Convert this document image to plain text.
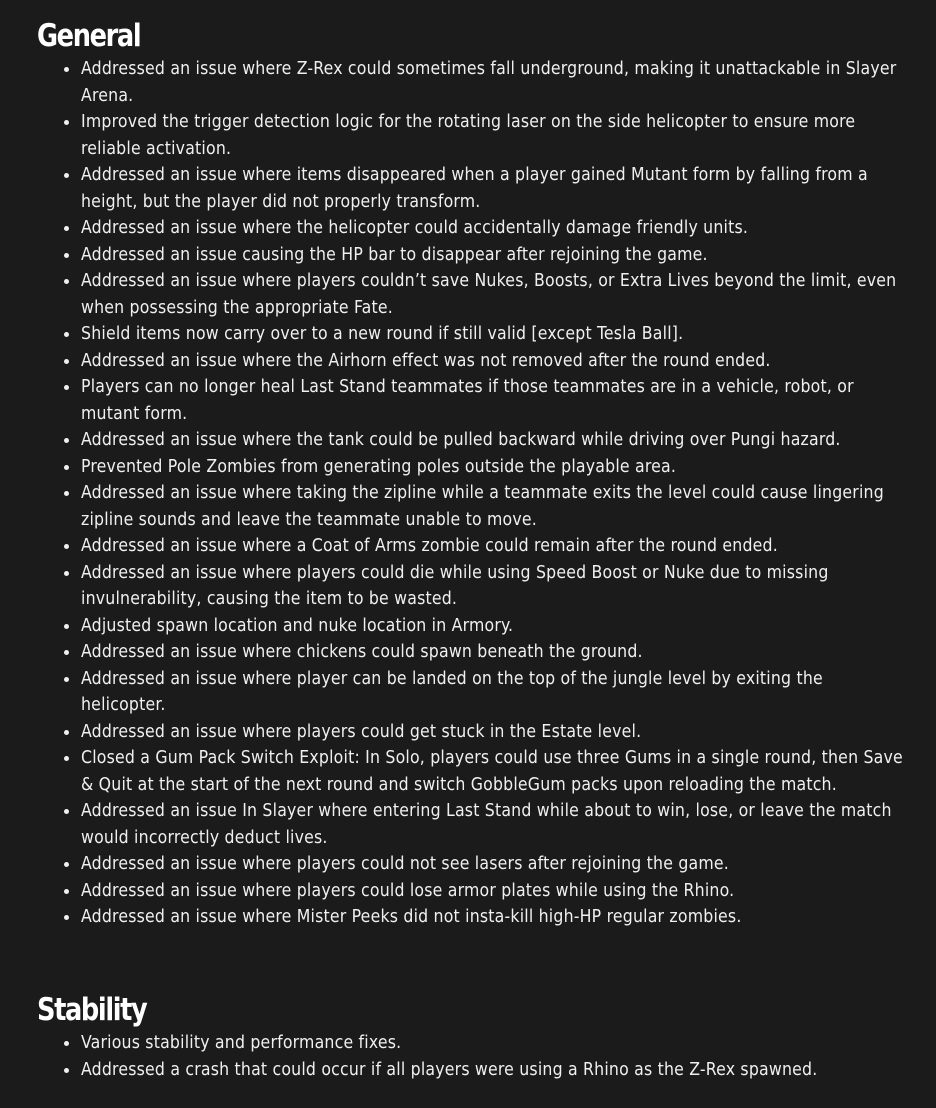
General
Addressed an issue where Z-Rex could sometimes fall underground, making it unattackable in Slayer Arena.
Improved the trigger detection logic for the rotating laser on the side helicopter to ensure more reliable activation.
Addressed an issue where items disappeared when a player gained Mutant form by falling from a height, but the player did not properly transform.
Addressed an issue where the helicopter could accidentally damage friendly units.
Addressed an issue causing the HP bar to disappear after rejoining the game.
Addressed an issue where players couldn’t save Nukes, Boosts, or Extra Lives beyond the limit, even when possessing the appropriate Fate.
Shield items now carry over to a new round if still valid [except Tesla Ball].
Addressed an issue where the Airhorn effect was not removed after the round ended.
Players can no longer heal Last Stand teammates if those teammates are in a vehicle, robot, or mutant form.
Addressed an issue where the tank could be pulled backward while driving over Pungi hazard.
Prevented Pole Zombies from generating poles outside the playable area.
Addressed an issue where taking the zipline while a teammate exits the level could cause lingering zipline sounds and leave the teammate unable to move.
Addressed an issue where a Coat of Arms zombie could remain after the round ended.
Addressed an issue where players could die while using Speed Boost or Nuke due to missing invulnerability, causing the item to be wasted.
Adjusted spawn location and nuke location in Armory.
Addressed an issue where chickens could spawn beneath the ground.
Addressed an issue where player can be landed on the top of the jungle level by exiting the helicopter.
Addressed an issue where players could get stuck in the Estate level.
Closed a Gum Pack Switch Exploit: In Solo, players could use three Gums in a single round, then Save & Quit at the start of the next round and switch GobbleGum packs upon reloading the match.
Addressed an issue In Slayer where entering Last Stand while about to win, lose, or leave the match would incorrectly deduct lives.
Addressed an issue where players could not see lasers after rejoining the game.
Addressed an issue where players could lose armor plates while using the Rhino.
Addressed an issue where Mister Peeks did not insta-kill high-HP regular zombies.
Stability
Various stability and performance fixes.
Addressed a crash that could occur if all players were using a Rhino as the Z-Rex spawned.
